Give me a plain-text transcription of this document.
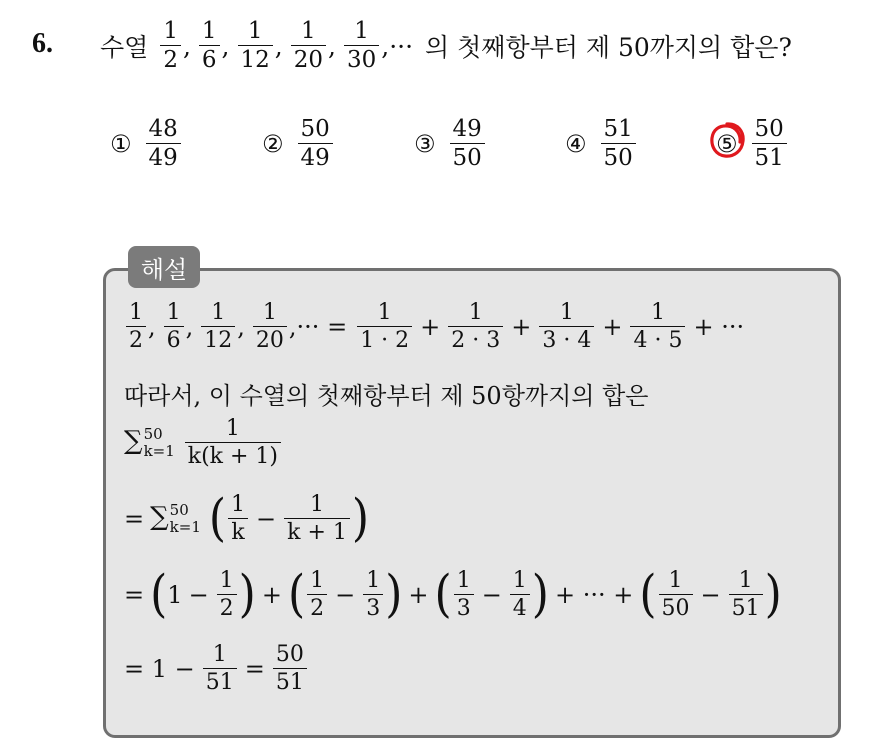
6. 수열 $\frac{1}{2}$ , $\frac{1}{6}$ , $\frac{1}{12}$ , $\frac{1}{20}$ , $\frac{1}{30}$ ,··· 의 첫째항부터 제 50까지의 합은?
① $\frac{48}{49}$	② $\frac{50}{49}$	③ $\frac{49}{50}$	④ $\frac{51}{50}$	⑤ $\frac{50}{51}$
해설
$\frac{1}{2}$ , $\frac{1}{6}$ , $\frac{1}{12}$ , $\frac{1}{20}$ ,··· = $\frac{1}{1 \cdot 2} + \frac{1}{2 \cdot 3} + \frac{1}{3 \cdot 4} + \frac{1}{4 \cdot 5}$ + ···
따라서, 이 수열의 첫째항부터 제 50항까지의 합은
∑ 50
$k=1 \frac{1}{k(k + 1)}$
= ∑ 50
k=1 ( $\frac{1}{k} - \frac{1}{k + 1}$ )
= ( $1 - \frac{1}{2}$ ) + ( $\frac{1}{2} - \frac{1}{3}$ ) + ( $\frac{1}{3} - \frac{1}{4}$ ) + ··· + ( $\frac{1}{50} - \frac{1}{51}$ )
= $1 - \frac{1}{51} = \frac{50}{51}$
